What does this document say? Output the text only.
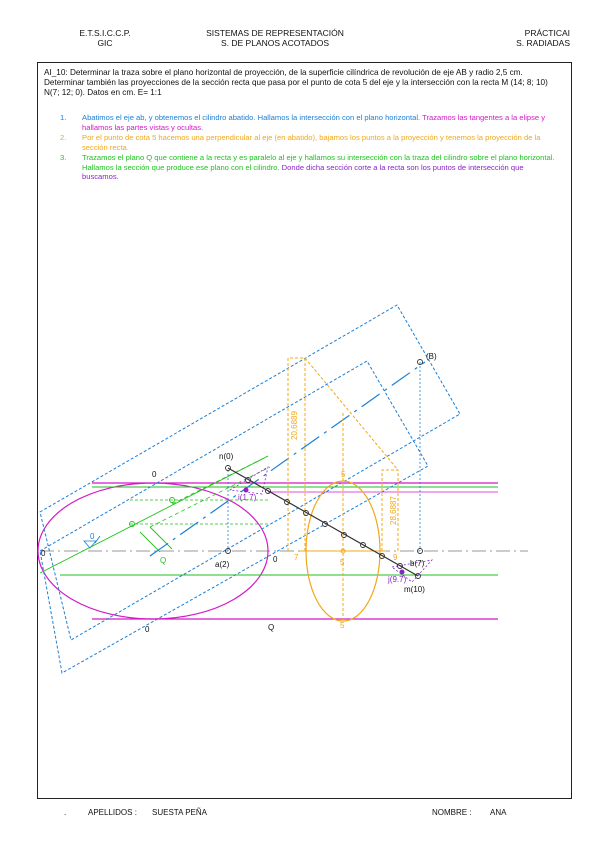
E.T.S.I.C.C.P.
GIC
SISTEMAS DE REPRESENTACIÓN
S. DE PLANOS ACOTADOS
PRÁCTICAI
S. RADIADAS
AI_10: Determinar la traza sobre el plano horizontal de proyección, de la superficie cilíndrica de revolución de eje AB y radio 2,5 cm. Determinar también las proyecciones de la sección recta que pasa por el punto de cota 5 del eje y la intersección con la recta M (14; 8; 10) N(7; 12; 0). Datos en cm. E= 1:1
1. Abatimos el eje ab, y obtenemos el cilindro abatido. Hallamos la intersección con el plano horizontal. Trazamos las tangentes a la elipse y hallamos las partes vistas y ocultas.
2. Por el punto de cota 5 hacemos una perpendicular al eje (en abatido), bajamos los puntos a la proyección y tenemos la proyección de la sección recta.
3. Trazamos el plano Q que contiene a la recta y es paralelo al eje y hallamos su intersección con la traza del cilindro sobre el plano horizontal. Hallamos la sección que produce ese plano con el cilindro. Donde dicha sección corte a la recta son los puntos de intersección que buscamos.
(B)
n(0)
i(1.7)
a(2)	b(7)
j(9.7)
m(10)
0
0
0
0
0
Q
Q
5
5
5
7	9
20,6889
28,6887
.	APELLIDOS : SUESTA PEÑA	NOMBRE : ANA
